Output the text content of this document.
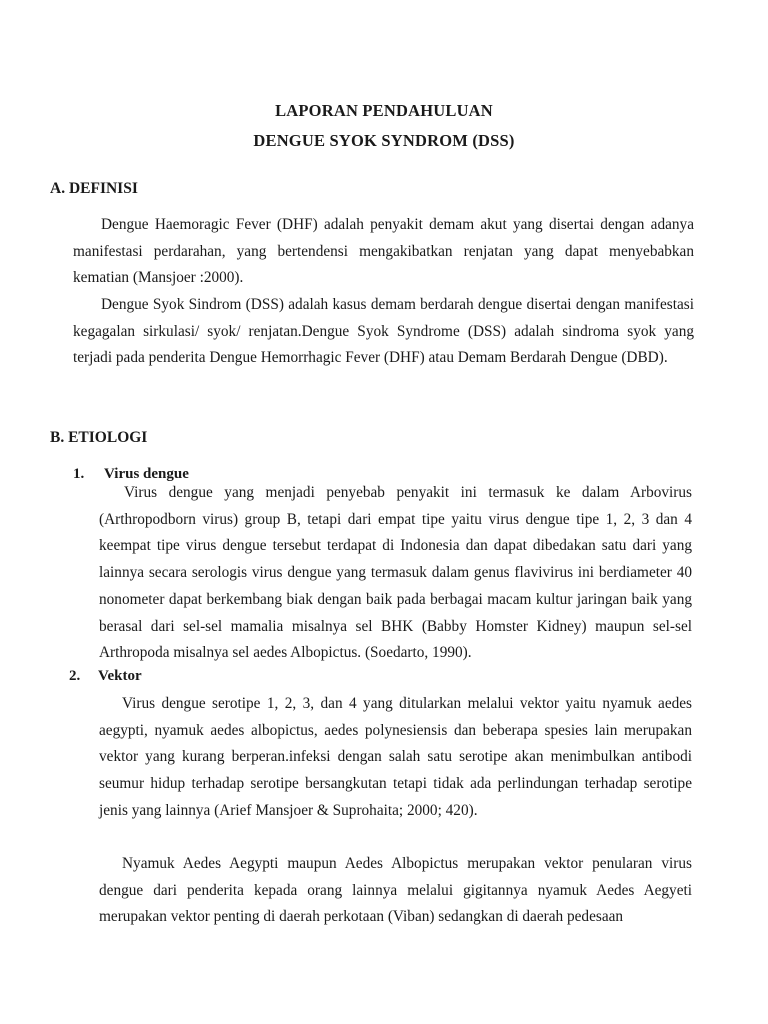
LAPORAN PENDAHULUAN
DENGUE SYOK SYNDROM (DSS)
A. DEFINISI

Dengue Haemoragic Fever (DHF) adalah penyakit demam akut yang disertai dengan adanya manifestasi perdarahan, yang bertendensi mengakibatkan renjatan yang dapat menyebabkan kematian (Mansjoer :2000).

Dengue Syok Sindrom (DSS) adalah kasus demam berdarah dengue disertai dengan manifestasi kegagalan sirkulasi/ syok/ renjatan.Dengue Syok Syndrome (DSS) adalah sindroma syok yang terjadi pada penderita Dengue Hemorrhagic Fever (DHF) atau Demam Berdarah Dengue (DBD).

B. ETIOLOGI
1. Virus dengue

Virus dengue yang menjadi penyebab penyakit ini termasuk ke dalam Arbovirus (Arthropodborn virus) group B, tetapi dari empat tipe yaitu virus dengue tipe 1, 2, 3 dan 4 keempat tipe virus dengue tersebut terdapat di Indonesia dan dapat dibedakan satu dari yang lainnya secara serologis virus dengue yang termasuk dalam genus flavivirus ini berdiameter 40 nonometer dapat berkembang biak dengan baik pada berbagai macam kultur jaringan baik yang berasal dari sel-sel mamalia misalnya sel BHK (Babby Homster Kidney) maupun sel-sel Arthropoda misalnya sel aedes Albopictus. (Soedarto, 1990).

2. Vektor

Virus dengue serotipe 1, 2, 3, dan 4 yang ditularkan melalui vektor yaitu nyamuk aedes aegypti, nyamuk aedes albopictus, aedes polynesiensis dan beberapa spesies lain merupakan vektor yang kurang berperan.infeksi dengan salah satu serotipe akan menimbulkan antibodi seumur hidup terhadap serotipe bersangkutan tetapi tidak ada perlindungan terhadap serotipe jenis yang lainnya (Arief Mansjoer & Suprohaita; 2000; 420).

Nyamuk Aedes Aegypti maupun Aedes Albopictus merupakan vektor penularan virus dengue dari penderita kepada orang lainnya melalui gigitannya nyamuk Aedes Aegyeti merupakan vektor penting di daerah perkotaan (Viban) sedangkan di daerah pedesaan
